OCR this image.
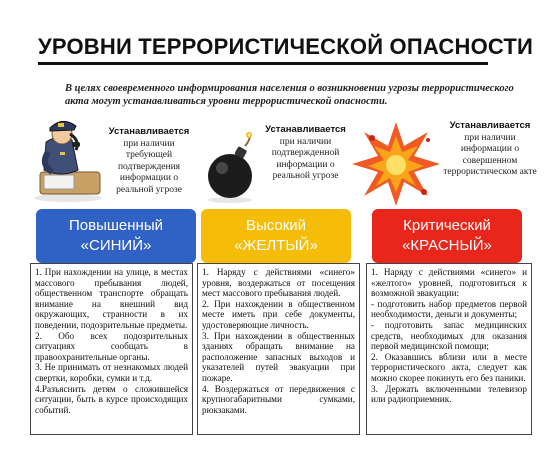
УРОВНИ ТЕРРОРИСТИЧЕСКОЙ ОПАСНОСТИ
В целях своевременного информирования населения о возникновении угрозы террористического акта могут устанавливаться уровни террористической опасности.
Устанавливается
при наличии требующей подтверждения информации о реальной угрозе
Устанавливается
при наличии подтвержденной информации о реальной угрозе
Устанавливается
при наличии информации о совершенном террористическом акте
Повышенный
«СИНИЙ»
Высокий
«ЖЕЛТЫЙ»
Критический
«КРАСНЫЙ»

1. При нахождении на улице, в местах массового пребывания людей, общественном транспорте обращать внимание на внешний вид окружающих, странности в их поведении, подозрительные предметы.

2. Обо всех подозрительных ситуациях сообщать в правоохранительные органы.

3. Не принимать от незнакомых людей свертки, коробки, сумки и т.д.

4.Разъяснить детям о сложившейся ситуации, быть в курсе происходящих событий.

1. Наряду с действиями «синего» уровня, воздержаться от посещения мест массового пребывания людей.

2. При нахождении в общественном месте иметь при себе документы, удостоверяющие личность.

3. При нахождении в общественных зданиях обращать внимание на расположение запасных выходов и указателей путей эвакуации при пожаре.

4. Воздержаться от передвижения с крупногабаритными сумками, рюкзаками.

1. Наряду с действиями «синего» и «желтого» уровней, подготовиться к возможной эвакуации:

- подготовить набор предметов первой необходимости, деньги и документы;

- подготовить запас медицинских средств, необходимых для оказания первой медицинской помощи;

2. Оказавшись вблизи или в месте террористического акта, следует как можно скорее покинуть его без паники.

3. Держать включенными телевизор или радиоприемник.
